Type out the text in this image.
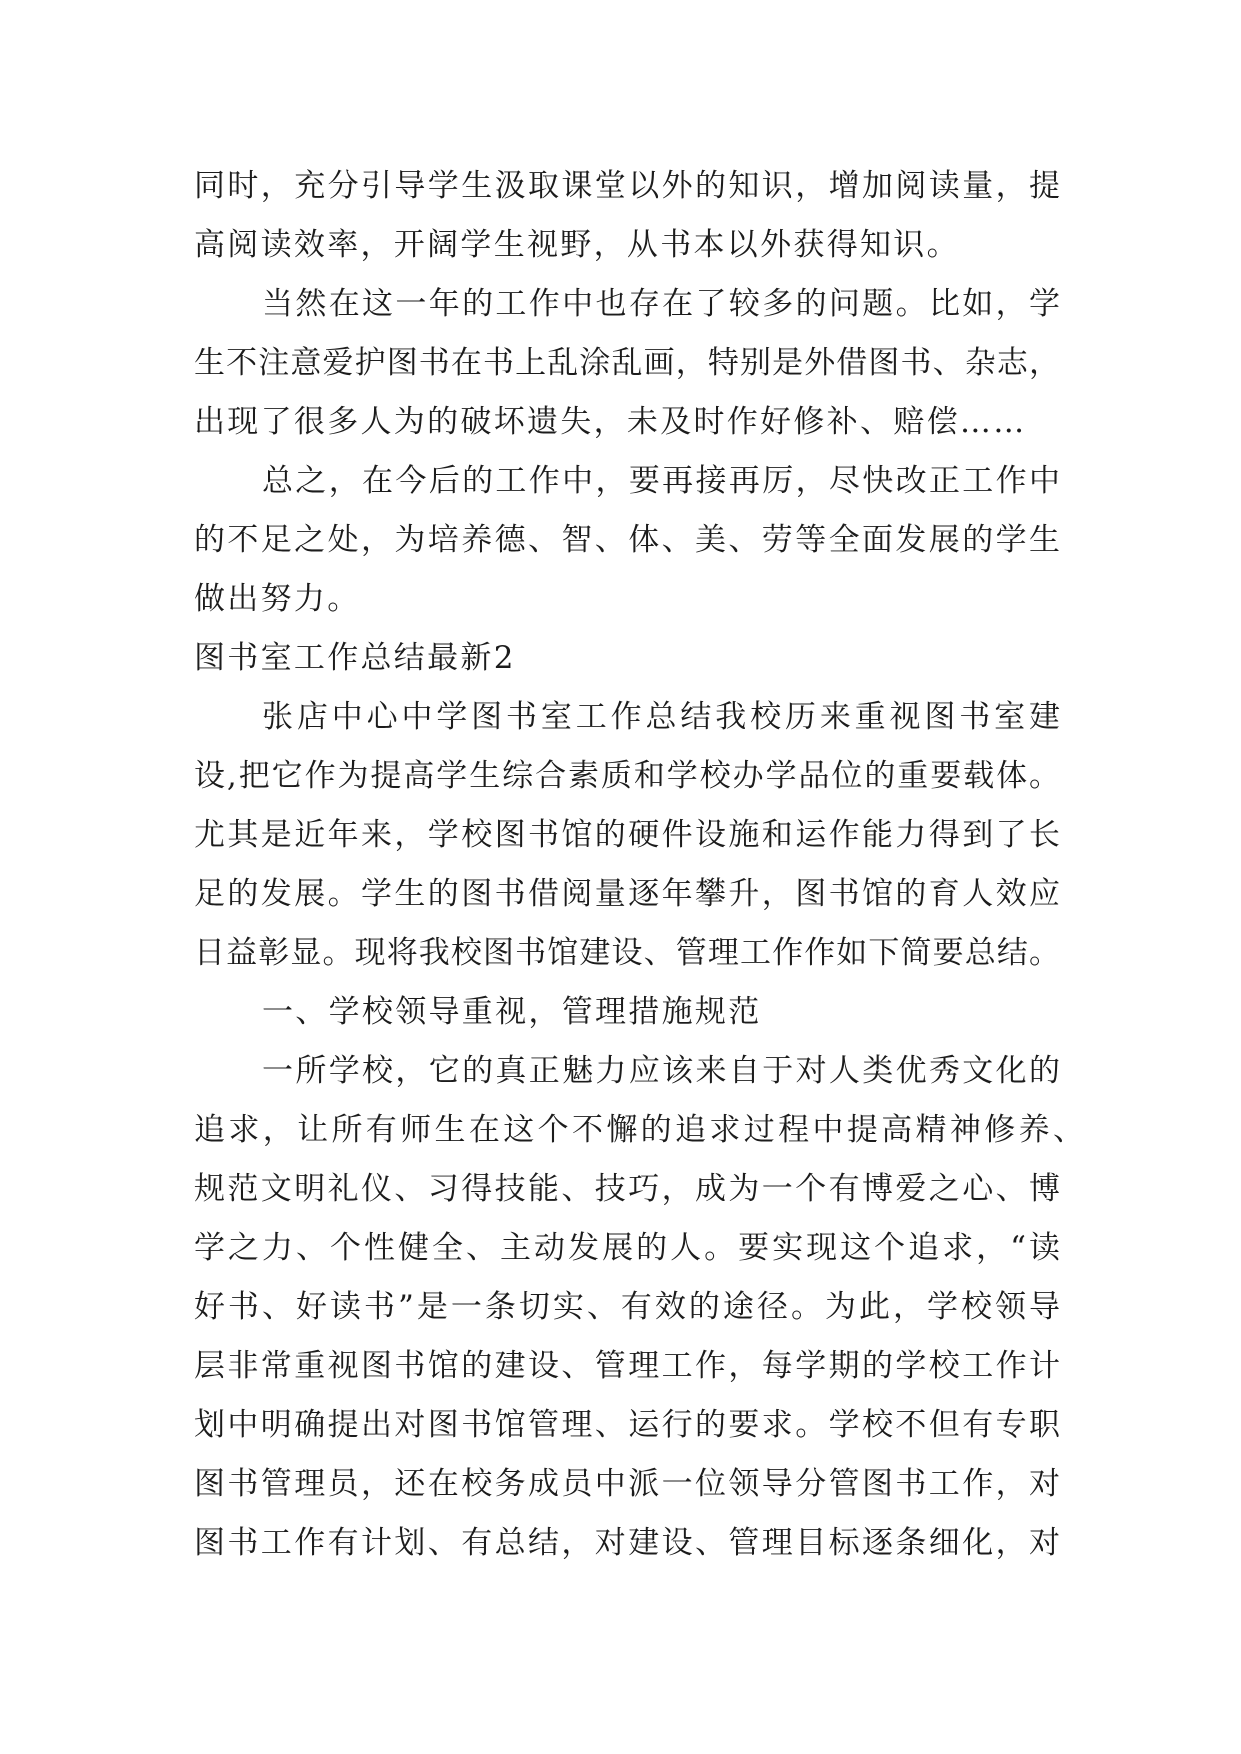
同时，充分引导学生汲取课堂以外的知识，增加阅读量，提
高阅读效率，开阔学生视野，从书本以外获得知识。
当然在这一年的工作中也存在了较多的问题。比如，学
生不注意爱护图书在书上乱涂乱画，特别是外借图书、杂志，
出现了很多人为的破坏遗失，未及时作好修补、赔偿……
总之，在今后的工作中，要再接再厉，尽快改正工作中
的不足之处，为培养德、智、体、美、劳等全面发展的学生
做出努力。
图书室工作总结最新2
张店中心中学图书室工作总结我校历来重视图书室建
设,把它作为提高学生综合素质和学校办学品位的重要载体。
尤其是近年来，学校图书馆的硬件设施和运作能力得到了长
足的发展。学生的图书借阅量逐年攀升，图书馆的育人效应
日益彰显。现将我校图书馆建设、管理工作作如下简要总结。
一、学校领导重视，管理措施规范
一所学校，它的真正魅力应该来自于对人类优秀文化的
追求，让所有师生在这个不懈的追求过程中提高精神修养、
规范文明礼仪、习得技能、技巧，成为一个有博爱之心、博
学之力、个性健全、主动发展的人。要实现这个追求，“读
好书、好读书”是一条切实、有效的途径。为此，学校领导
层非常重视图书馆的建设、管理工作，每学期的学校工作计
划中明确提出对图书馆管理、运行的要求。学校不但有专职
图书管理员，还在校务成员中派一位领导分管图书工作，对
图书工作有计划、有总结，对建设、管理目标逐条细化，对
